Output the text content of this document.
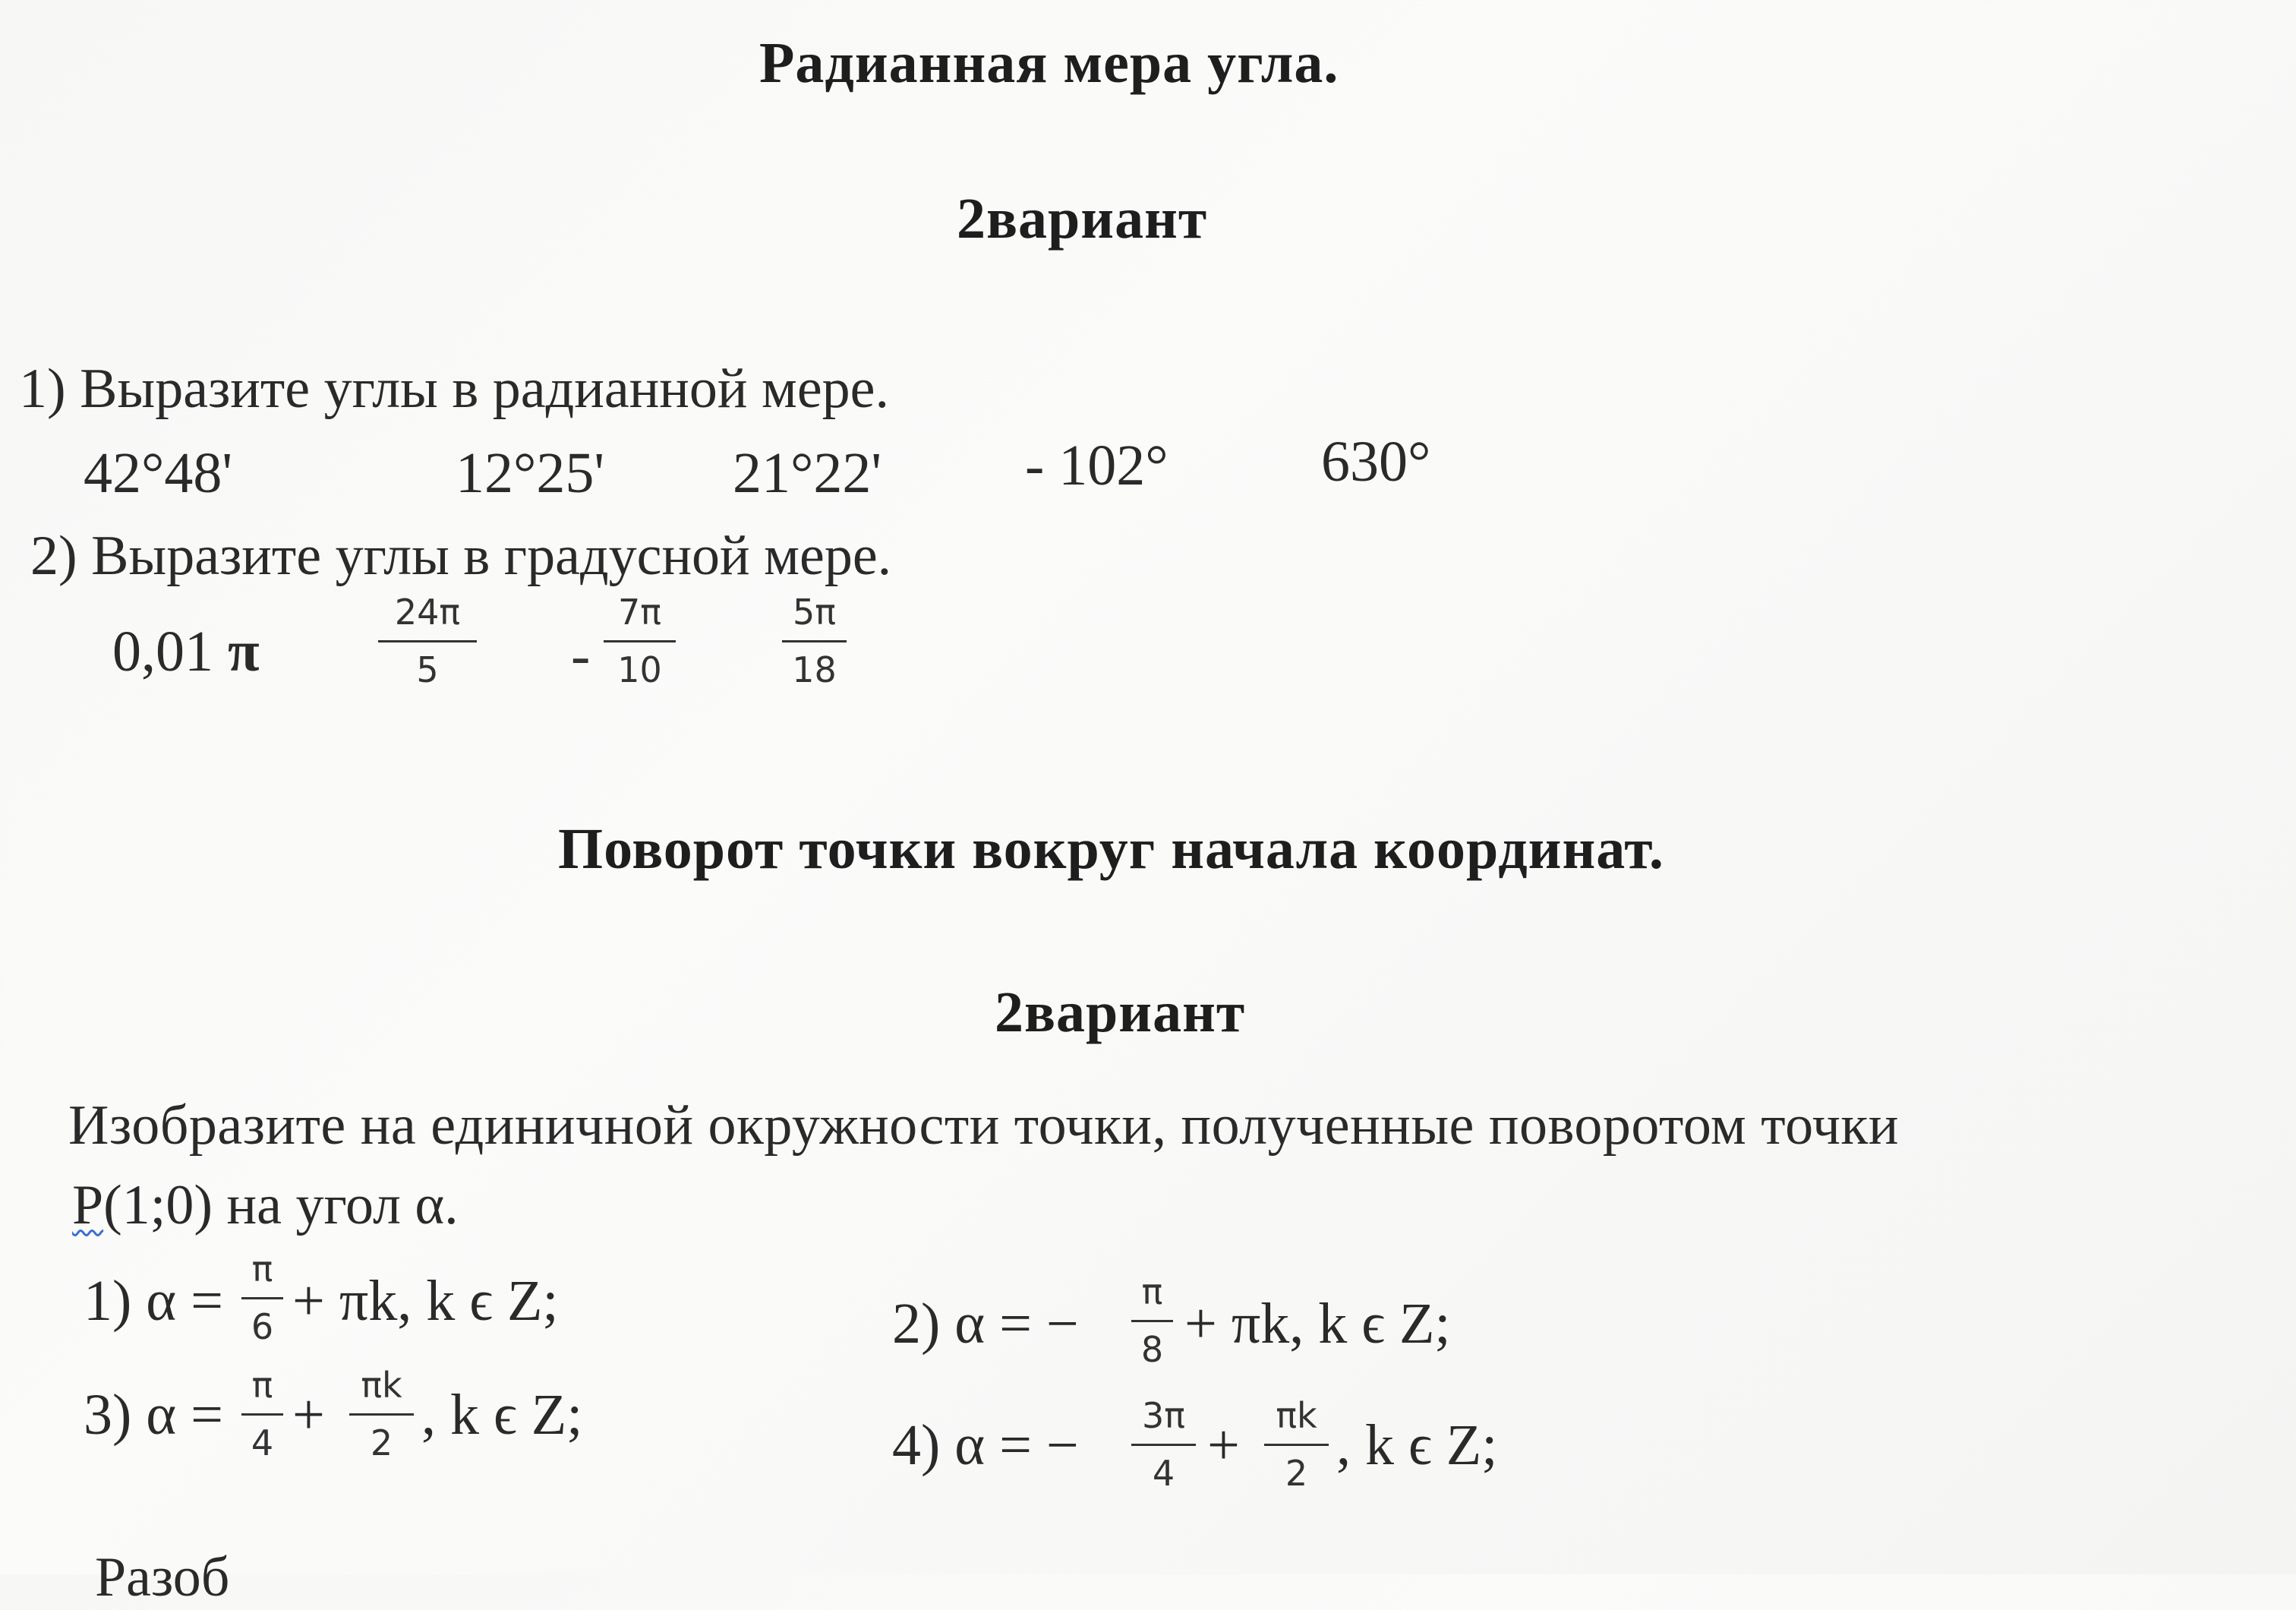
Радианная мера угла.
2вариант
1) Выразите углы в радианной мере.
42°48'	12°25' 21°22' - 102°	630°
2) Выразите углы в градусной мере.
0,01 π
24π
5	-
7π
10
5π
18
Поворот точки вокруг начала координат.
2вариант
Изобразите на единичной окружности точки, полученные поворотом точки
P(1;0) на угол α.
1) α = π
6 + πk, k ϵ Z;	2) α = − π
8 + πk, k ϵ Z;
3) α = π
4 +	πk
2 , k ϵ Z;	4) α = −	3π
4 +	πk
2 , k ϵ Z;
Разоб
